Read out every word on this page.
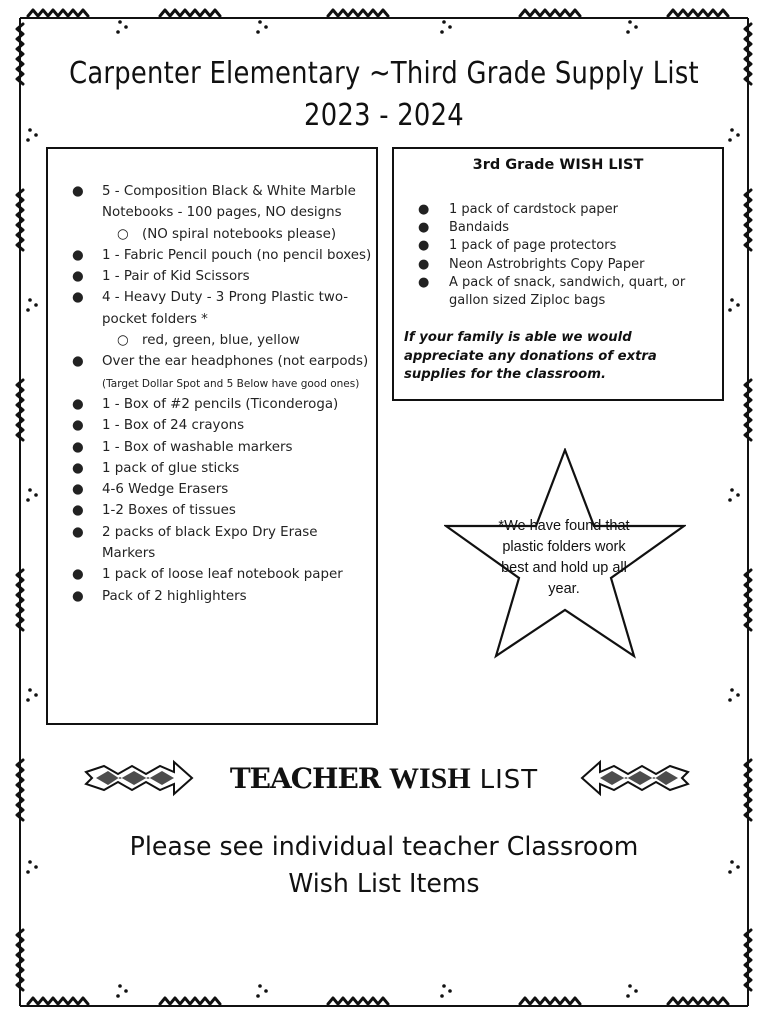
Carpenter Elementary ~Third Grade Supply List
2023 - 2024
● 5 - Composition Black & White Marble Notebooks - 100 pages, NO designs
○ (NO spiral notebooks please)
● 1 - Fabric Pencil pouch (no pencil boxes)
● 1 - Pair of Kid Scissors
● 4 - Heavy Duty - 3 Prong Plastic two-pocket folders *
○ red, green, blue, yellow
● Over the ear headphones (not earpods) (Target Dollar Spot and 5 Below have good ones)
● 1 - Box of #2 pencils (Ticonderoga)
● 1 - Box of 24 crayons
● 1 - Box of washable markers
● 1 pack of glue sticks
● 4-6 Wedge Erasers
● 1-2 Boxes of tissues
● 2 packs of black Expo Dry Erase Markers
● 1 pack of loose leaf notebook paper
● Pack of 2 highlighters
3rd Grade WISH LIST
● 1 pack of cardstock paper
● Bandaids
● 1 pack of page protectors
● Neon Astrobrights Copy Paper
● A pack of snack, sandwich, quart, or gallon sized Ziploc bags
If your family is able we would appreciate any donations of extra supplies for the classroom.
*We have found that plastic folders work best and hold up all year.
TEACHER WISH LIST
Please see individual teacher Classroom
Wish List Items
